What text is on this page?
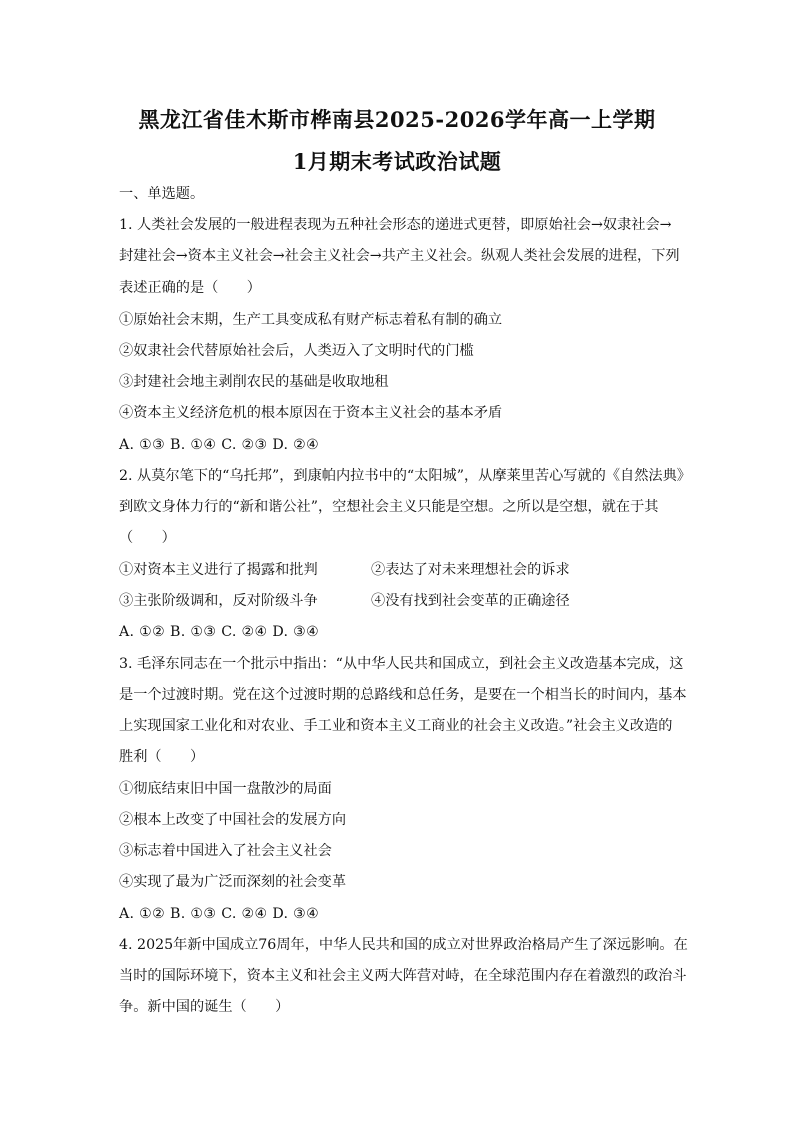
黑龙江省佳木斯市桦南县2025-2026学年高一上学期
1月期末考试政治试题
一、单选题。
1. 人类社会发展的一般进程表现为五种社会形态的递进式更替，即原始社会→奴隶社会→
封建社会→资本主义社会→社会主义社会→共产主义社会。纵观人类社会发展的进程，下列
表述正确的是（　　）
①原始社会末期，生产工具变成私有财产标志着私有制的确立
②奴隶社会代替原始社会后，人类迈入了文明时代的门槛
③封建社会地主剥削农民的基础是收取地租
④资本主义经济危机的根本原因在于资本主义社会的基本矛盾
A. ①③ B. ①④ C. ②③ D. ②④
2. 从莫尔笔下的“乌托邦”，到康帕内拉书中的“太阳城”，从摩莱里苦心写就的《自然法典》
到欧文身体力行的“新和谐公社”，空想社会主义只能是空想。之所以是空想，就在于其
（　　）
①对资本主义进行了揭露和批判	②表达了对未来理想社会的诉求
③主张阶级调和，反对阶级斗争	④没有找到社会变革的正确途径
A. ①② B. ①③ C. ②④ D. ③④
3. 毛泽东同志在一个批示中指出：“从中华人民共和国成立，到社会主义改造基本完成，这
是一个过渡时期。党在这个过渡时期的总路线和总任务，是要在一个相当长的时间内，基本
上实现国家工业化和对农业、手工业和资本主义工商业的社会主义改造。”社会主义改造的
胜利（　　）
①彻底结束旧中国一盘散沙的局面
②根本上改变了中国社会的发展方向
③标志着中国进入了社会主义社会
④实现了最为广泛而深刻的社会变革
A. ①② B. ①③ C. ②④ D. ③④
4. 2025年新中国成立76周年，中华人民共和国的成立对世界政治格局产生了深远影响。在
当时的国际环境下，资本主义和社会主义两大阵营对峙，在全球范围内存在着激烈的政治斗
争。新中国的诞生（　　）
